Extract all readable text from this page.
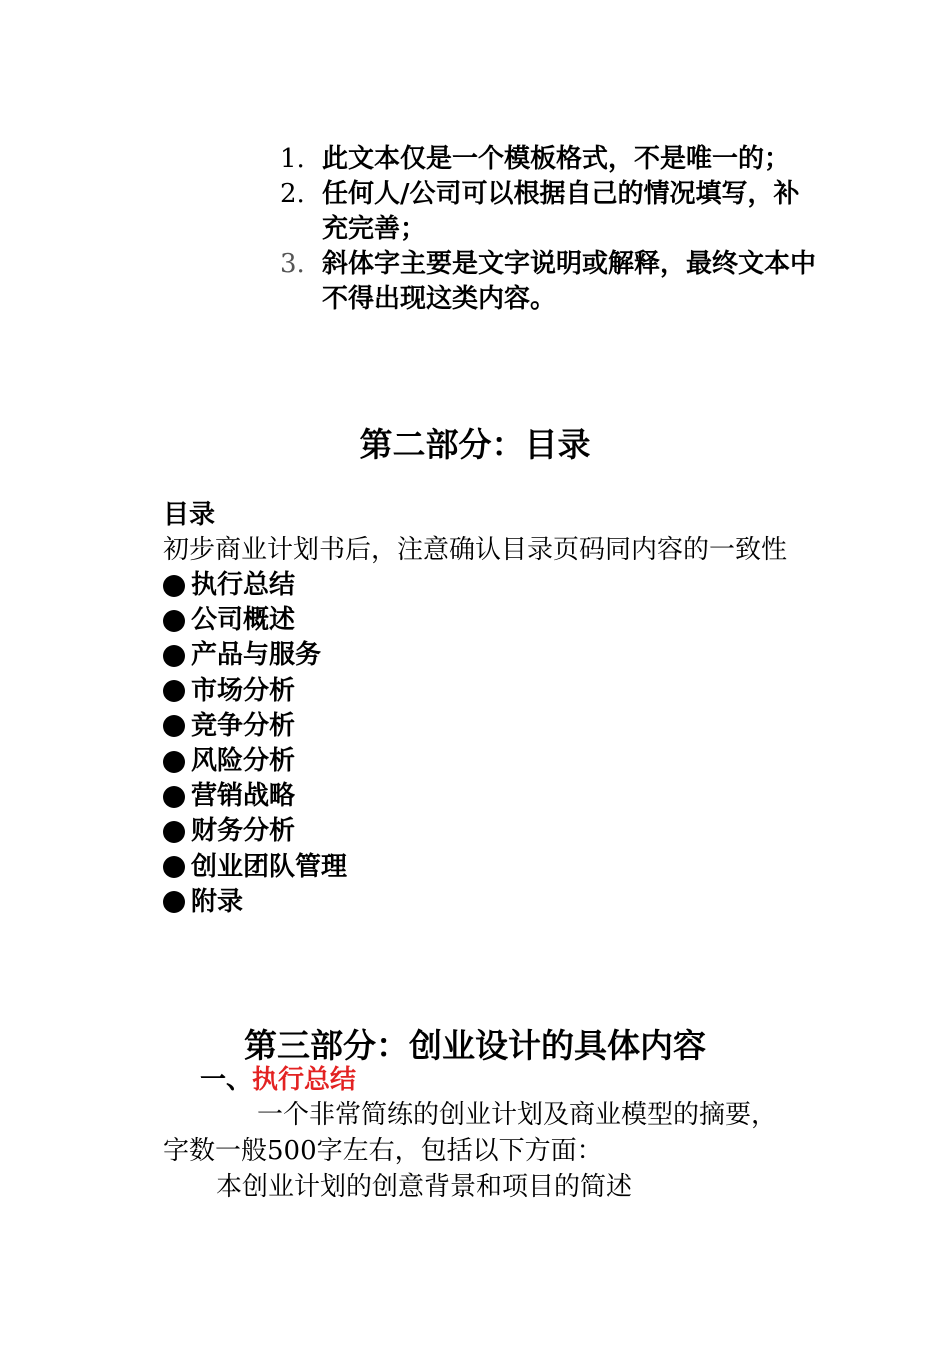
1. 此文本仅是一个模板格式，不是唯一的；
2. 任何人/公司可以根据自己的情况填写，补充完善；
3. 斜体字主要是文字说明或解释，最终文本中不得出现这类内容。
第二部分：目录
目录
初步商业计划书后，注意确认目录页码同内容的一致性
执行总结
公司概述
产品与服务
市场分析
竞争分析
风险分析
营销战略
财务分析
创业团队管理
附录
第三部分：创业设计的具体内容
一、执行总结
一个非常简练的创业计划及商业模型的摘要，
字数一般500字左右，包括以下方面：
本创业计划的创意背景和项目的简述
